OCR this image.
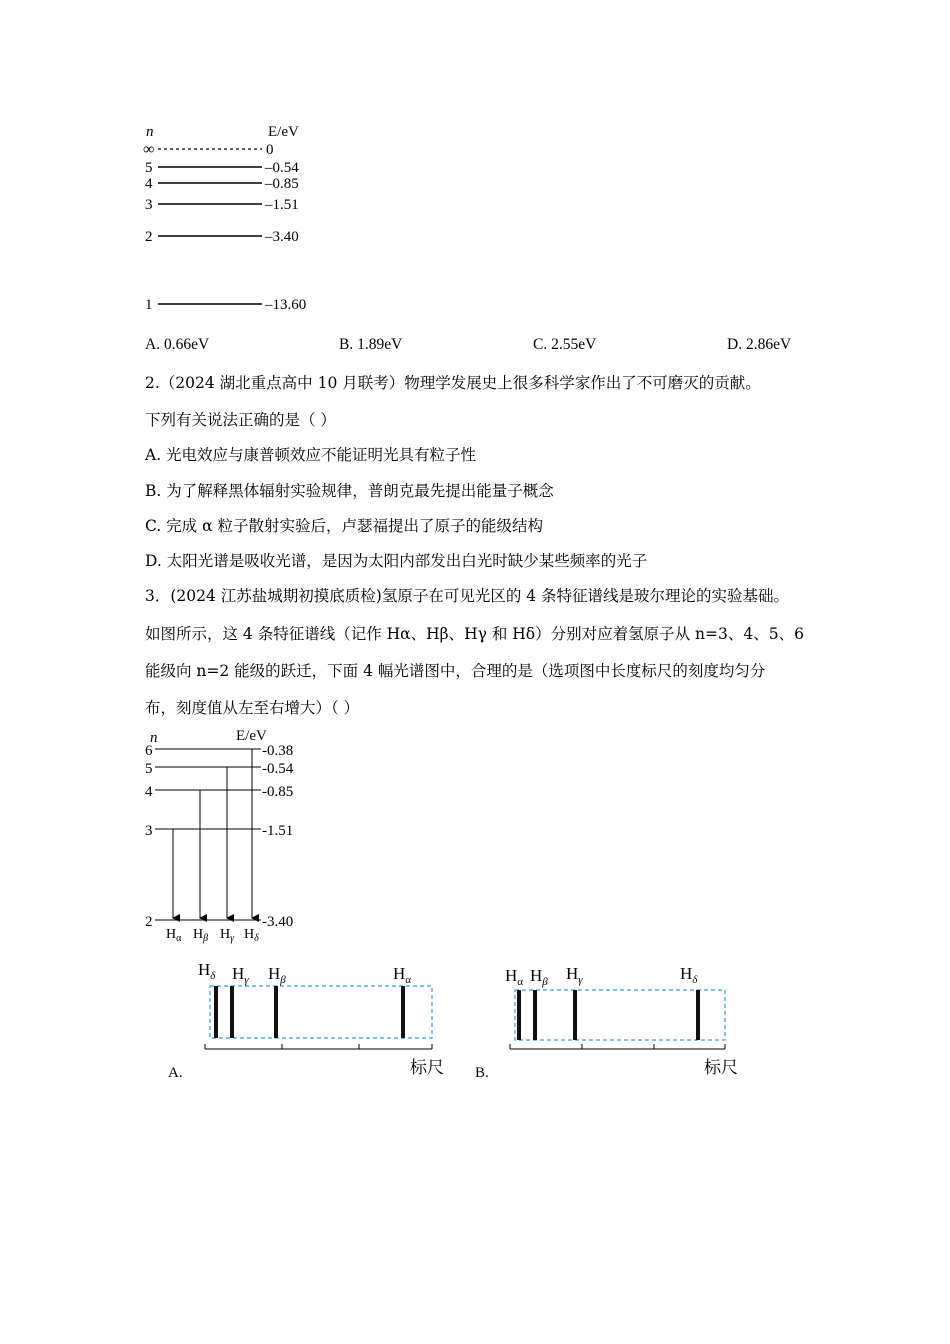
n	E/eV
∞	0
5	–0.54
4	–0.85
3	–1.51
2	–3.40
1	–13.60
A. 0.66eV	B. 1.89eV	C. 2.55eV	D. 2.86eV
2.（2024 湖北重点高中 10 月联考）物理学发展史上很多科学家作出了不可磨灭的贡献。
下列有关说法正确的是（ ）
A. 光电效应与康普顿效应不能证明光具有粒子性
B. 为了解释黑体辐射实验规律，普朗克最先提出能量子概念
C. 完成 α 粒子散射实验后，卢瑟福提出了原子的能级结构
D. 太阳光谱是吸收光谱，是因为太阳内部发出白光时缺少某些频率的光子
3．(2024 江苏盐城期初摸底质检)氢原子在可见光区的 4 条特征谱线是玻尔理论的实验基础。
如图所示，这 4 条特征谱线（记作 Hα、Hβ、Hγ 和 Hδ）分别对应着氢原子从 n=3、4、5、6
能级向 n=2 能级的跃迁，下面 4 幅光谱图中，合理的是（选项图中长度标尺的刻度均匀分
布，刻度值从左至右增大）（ ）
n	E/eV
6	-0.38
5	-0.54
4	-0.85
3	-1.51
2	-3.40
$H_\alpha$ $H_\beta$ $H_\gamma$ $H_\delta$
$H_\delta$ $H_\gamma$ $H_\beta$	$H_\alpha$
标尺
A.
$H_\alpha$ $H_\beta$ $H_\gamma$	$H_\delta$
标尺
B.
